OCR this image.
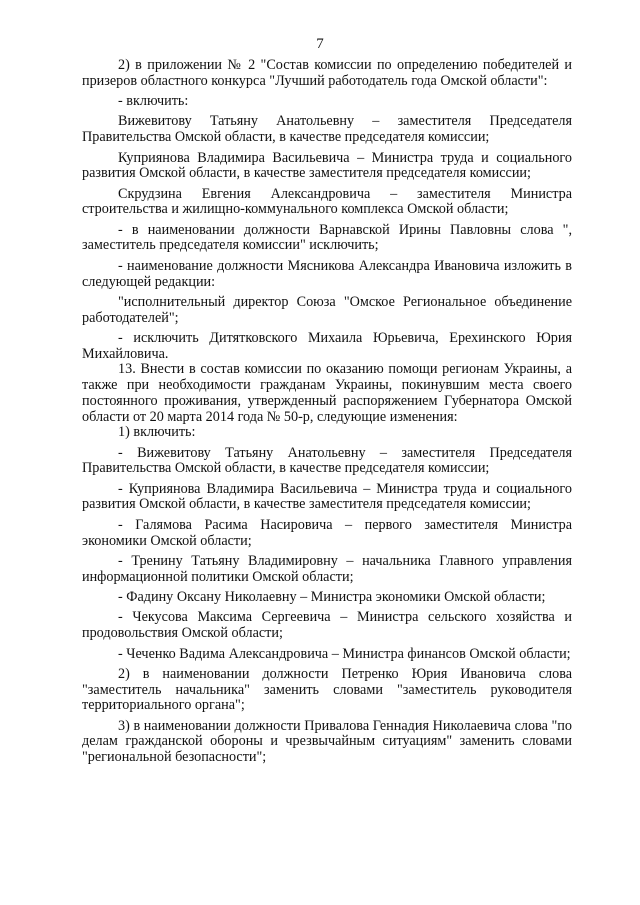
7

2) в приложении № 2 "Состав комиссии по определению победителей и призеров областного конкурса "Лучший работодатель года Омской области":

- включить:

Вижевитову Татьяну Анатольевну – заместителя Председателя Правительства Омской области, в качестве председателя комиссии;

Куприянова Владимира Васильевича – Министра труда и социального развития Омской области, в качестве заместителя председателя комиссии;

Скрудзина Евгения Александровича – заместителя Министра строительства и жилищно-коммунального комплекса Омской области;

- в наименовании должности Варнавской Ирины Павловны слова ", заместитель председателя комиссии" исключить;

- наименование должности Мясникова Александра Ивановича изложить в следующей редакции:

"исполнительный директор Союза "Омское Региональное объединение работодателей";

- исключить Дитятковского Михаила Юрьевича, Ерехинского Юрия Михайловича.

13. Внести в состав комиссии по оказанию помощи регионам Украины, а также при необходимости гражданам Украины, покинувшим места своего постоянного проживания, утвержденный распоряжением Губернатора Омской области от 20 марта 2014 года № 50-р, следующие изменения:

1) включить:

- Вижевитову Татьяну Анатольевну – заместителя Председателя Правительства Омской области, в качестве председателя комиссии;

- Куприянова Владимира Васильевича – Министра труда и социального развития Омской области, в качестве заместителя председателя комиссии;

- Галямова Расима Насировича – первого заместителя Министра экономики Омской области;

- Тренину Татьяну Владимировну – начальника Главного управления информационной политики Омской области;

- Фадину Оксану Николаевну – Министра экономики Омской области;

- Чекусова Максима Сергеевича – Министра сельского хозяйства и продовольствия Омской области;

- Чеченко Вадима Александровича – Министра финансов Омской области;

2) в наименовании должности Петренко Юрия Ивановича слова "заместитель начальника" заменить словами "заместитель руководителя территориального органа";

3) в наименовании должности Привалова Геннадия Николаевича слова "по делам гражданской обороны и чрезвычайным ситуациям" заменить словами "региональной безопасности";
